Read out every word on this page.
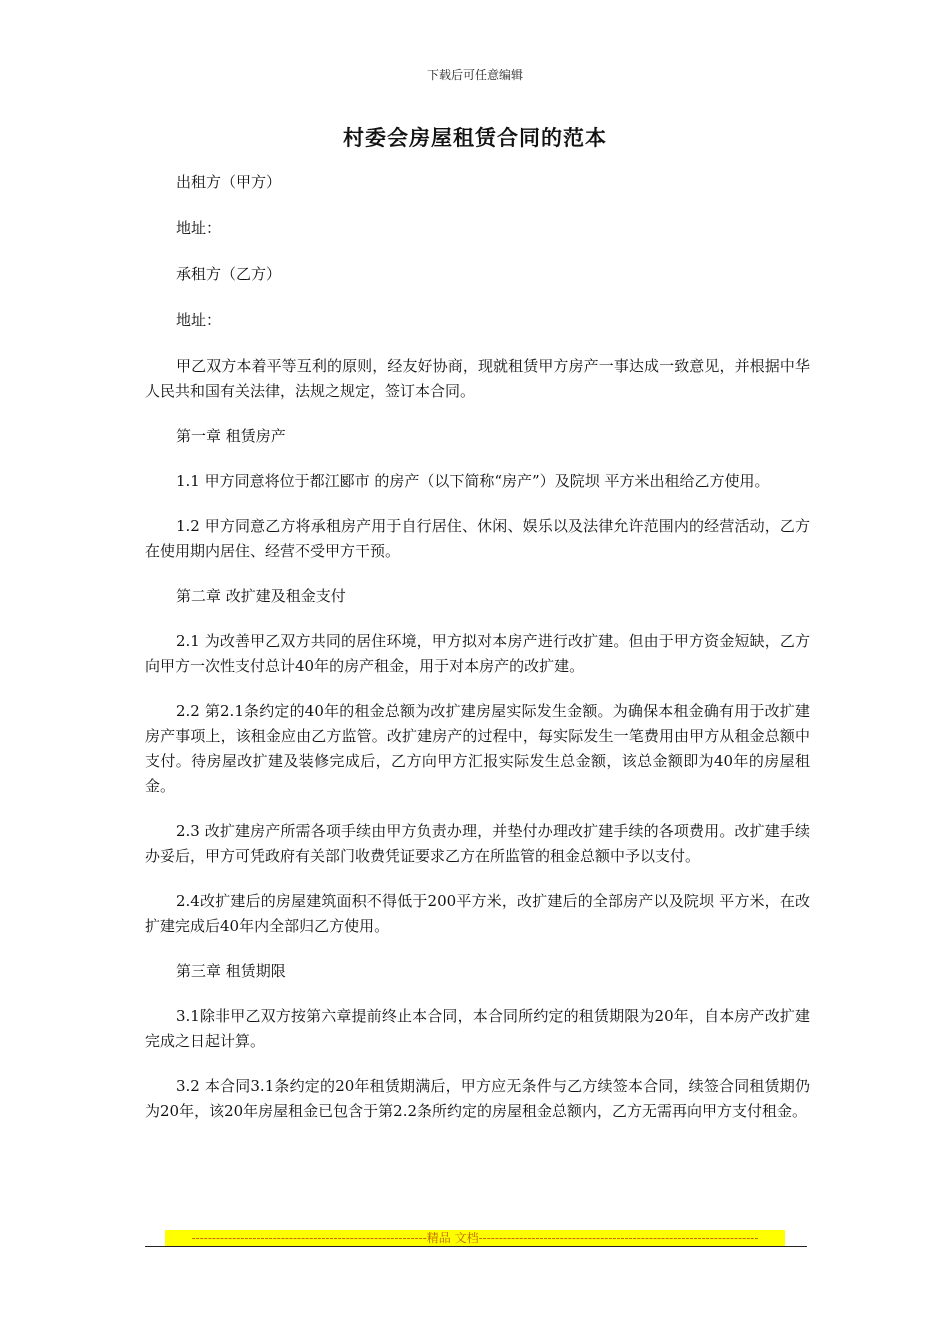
下载后可任意编辑
村委会房屋租赁合同的范本

出租方（甲方）

地址：

承租方（乙方）

地址：

甲乙双方本着平等互利的原则，经友好协商，现就租赁甲方房产一事达成一致意见，并根据中华人民共和国有关法律，法规之规定，签订本合同。

第一章 租赁房产

1.1 甲方同意将位于都江郾市 的房产（以下简称“房产”）及院坝 平方米出租给乙方使用。

1.2 甲方同意乙方将承租房产用于自行居住、休闲、娱乐以及法律允许范围内的经营活动，乙方在使用期内居住、经营不受甲方干预。

第二章 改扩建及租金支付

2.1 为改善甲乙双方共同的居住环境，甲方拟对本房产进行改扩建。但由于甲方资金短缺，乙方向甲方一次性支付总计40年的房产租金，用于对本房产的改扩建。

2.2 第2.1条约定的40年的租金总额为改扩建房屋实际发生金额。为确保本租金确有用于改扩建房产事项上，该租金应由乙方监管。改扩建房产的过程中，每实际发生一笔费用由甲方从租金总额中支付。待房屋改扩建及装修完成后，乙方向甲方汇报实际发生总金额，该总金额即为40年的房屋租金。

2.3 改扩建房产所需各项手续由甲方负责办理，并垫付办理改扩建手续的各项费用。改扩建手续办妥后，甲方可凭政府有关部门收费凭证要求乙方在所监管的租金总额中予以支付。

2.4改扩建后的房屋建筑面积不得低于200平方米，改扩建后的全部房产以及院坝 平方米，在改扩建完成后40年内全部归乙方使用。

第三章 租赁期限

3.1除非甲乙双方按第六章提前终止本合同，本合同所约定的租赁期限为20年，自本房产改扩建完成之日起计算。

3.2 本合同3.1条约定的20年租赁期满后，甲方应无条件与乙方续签本合同，续签合同租赁期仍为20年，该20年房屋租金已包含于第2.2条所约定的房屋租金总额内，乙方无需再向甲方支付租金。

----------------------------------------------------------精品 文档---------------------------------------------------------------------
